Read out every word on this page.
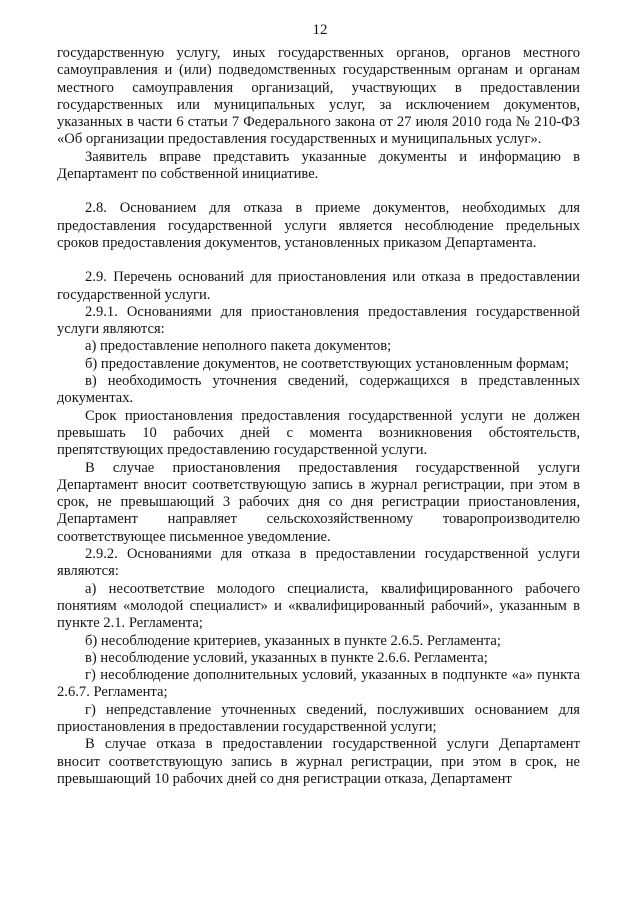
12

государственную услугу, иных государственных органов, органов местного самоуправления и (или) подведомственных государственным органам и органам местного самоуправления организаций, участвующих в предоставлении государственных или муниципальных услуг, за исключением документов, указанных в части 6 статьи 7 Федерального закона от 27 июля 2010 года № 210-ФЗ «Об организации предоставления государственных и муниципальных услуг».

Заявитель вправе представить указанные документы и информацию в Департамент по собственной инициативе.

2.8. Основанием для отказа в приеме документов, необходимых для предоставления государственной услуги является несоблюдение предельных сроков предоставления документов, установленных приказом Департамента.

2.9. Перечень оснований для приостановления или отказа в предоставлении государственной услуги.

2.9.1. Основаниями для приостановления предоставления государственной услуги являются:

а) предоставление неполного пакета документов;

б) предоставление документов, не соответствующих установленным формам;

в) необходимость уточнения сведений, содержащихся в представленных документах.

Срок приостановления предоставления государственной услуги не должен превышать 10 рабочих дней с момента возникновения обстоятельств, препятствующих предоставлению государственной услуги.

В случае приостановления предоставления государственной услуги Департамент вносит соответствующую запись в журнал регистрации, при этом в срок, не превышающий 3 рабочих дня со дня регистрации приостановления, Департамент направляет сельскохозяйственному товаропроизводителю соответствующее письменное уведомление.

2.9.2. Основаниями для отказа в предоставлении государственной услуги являются:

а) несоответствие молодого специалиста, квалифицированного рабочего понятиям «молодой специалист» и «квалифицированный рабочий», указанным в пункте 2.1. Регламента;

б) несоблюдение критериев, указанных в пункте 2.6.5. Регламента;

в) несоблюдение условий, указанных в пункте 2.6.6. Регламента;

г) несоблюдение дополнительных условий, указанных в подпункте «а» пункта 2.6.7. Регламента;

г) непредставление уточненных сведений, послуживших основанием для приостановления в предоставлении государственной услуги;

В случае отказа в предоставлении государственной услуги Департамент вносит соответствующую запись в журнал регистрации, при этом в срок, не превышающий 10 рабочих дней со дня регистрации отказа, Департамент
